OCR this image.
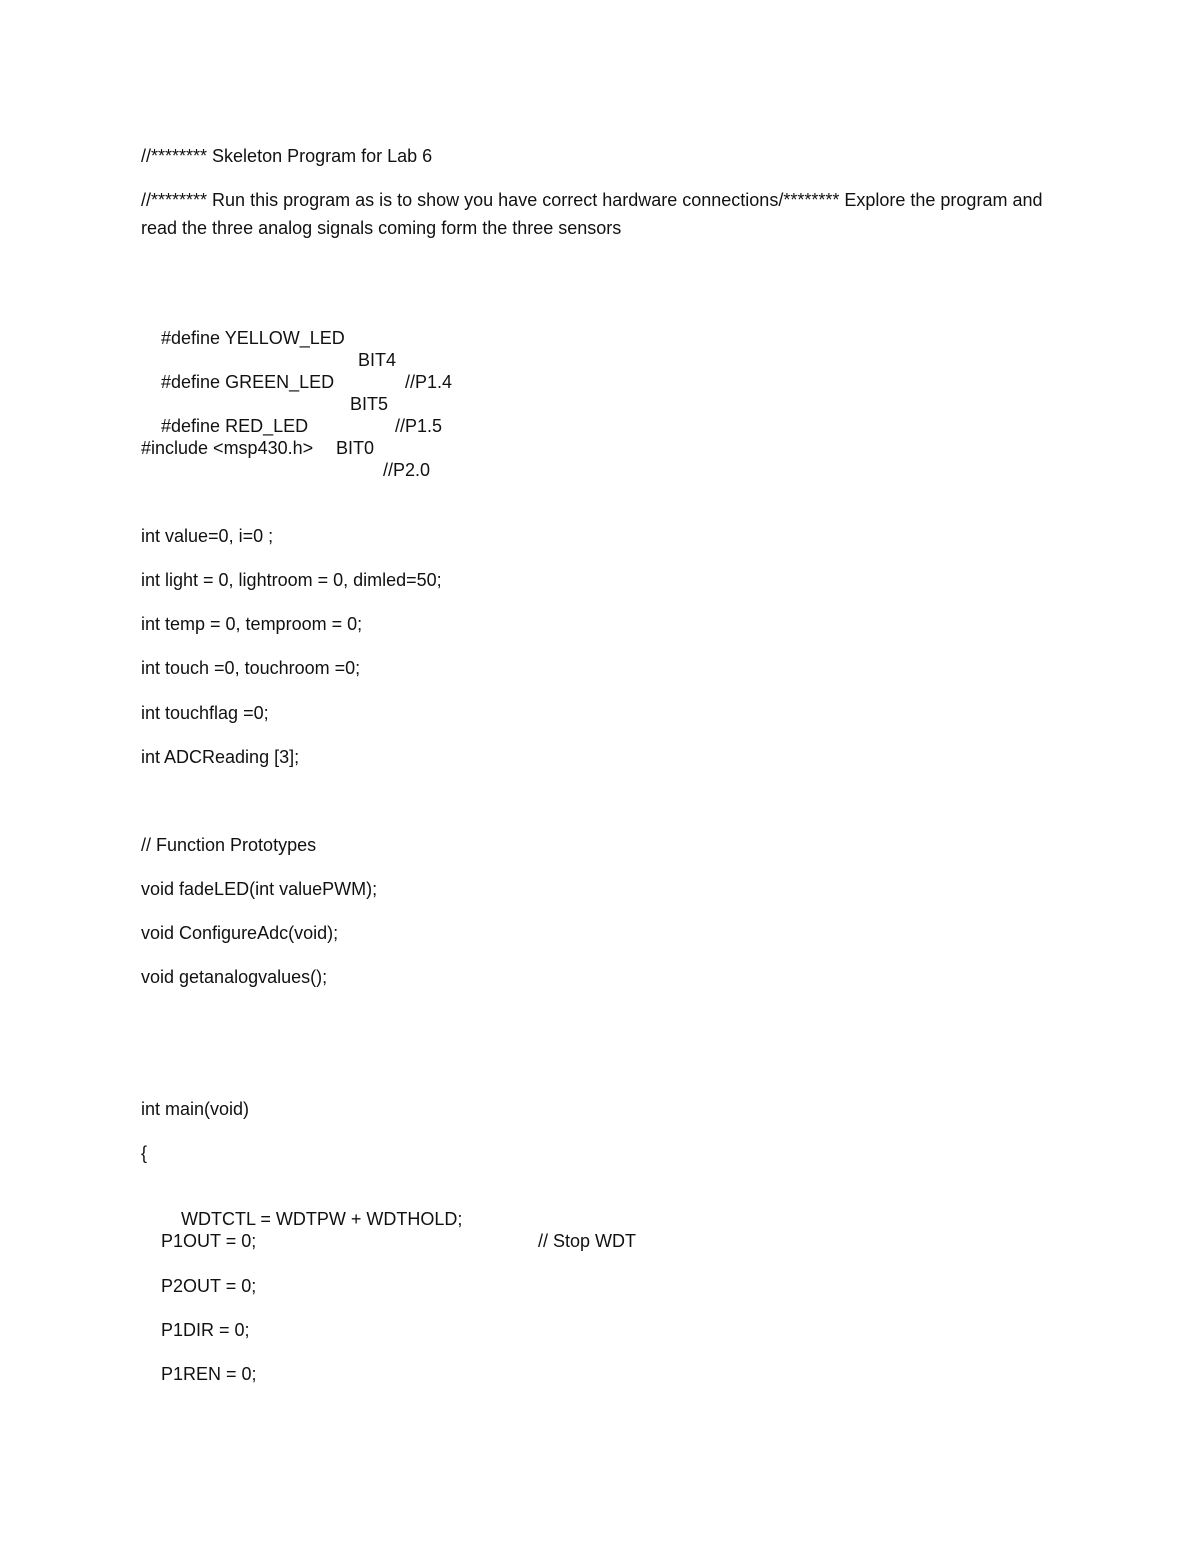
//******** Skeleton Program for Lab 6
//******** Run this program as is to show you have correct hardware connections/******** Explore the program and read the three analog signals coming form the three sensors

#define YELLOW_LED

BIT4

//P1.4

#define GREEN_LED

BIT5

//P1.5

#define RED_LED

BIT0

//P2.0

#include <msp430.h>
int value=0, i=0 ;
int light = 0, lightroom = 0, dimled=50;
int temp = 0, temproom = 0;
int touch =0, touchroom =0;
int touchflag =0;
int ADCReading [3];
// Function Prototypes
void fadeLED(int valuePWM);
void ConfigureAdc(void);
void getanalogvalues();
int main(void)
{

WDTCTL = WDTPW + WDTHOLD;

// Stop WDT

P1OUT = 0;
P2OUT = 0;
P1DIR = 0;
P1REN = 0;
